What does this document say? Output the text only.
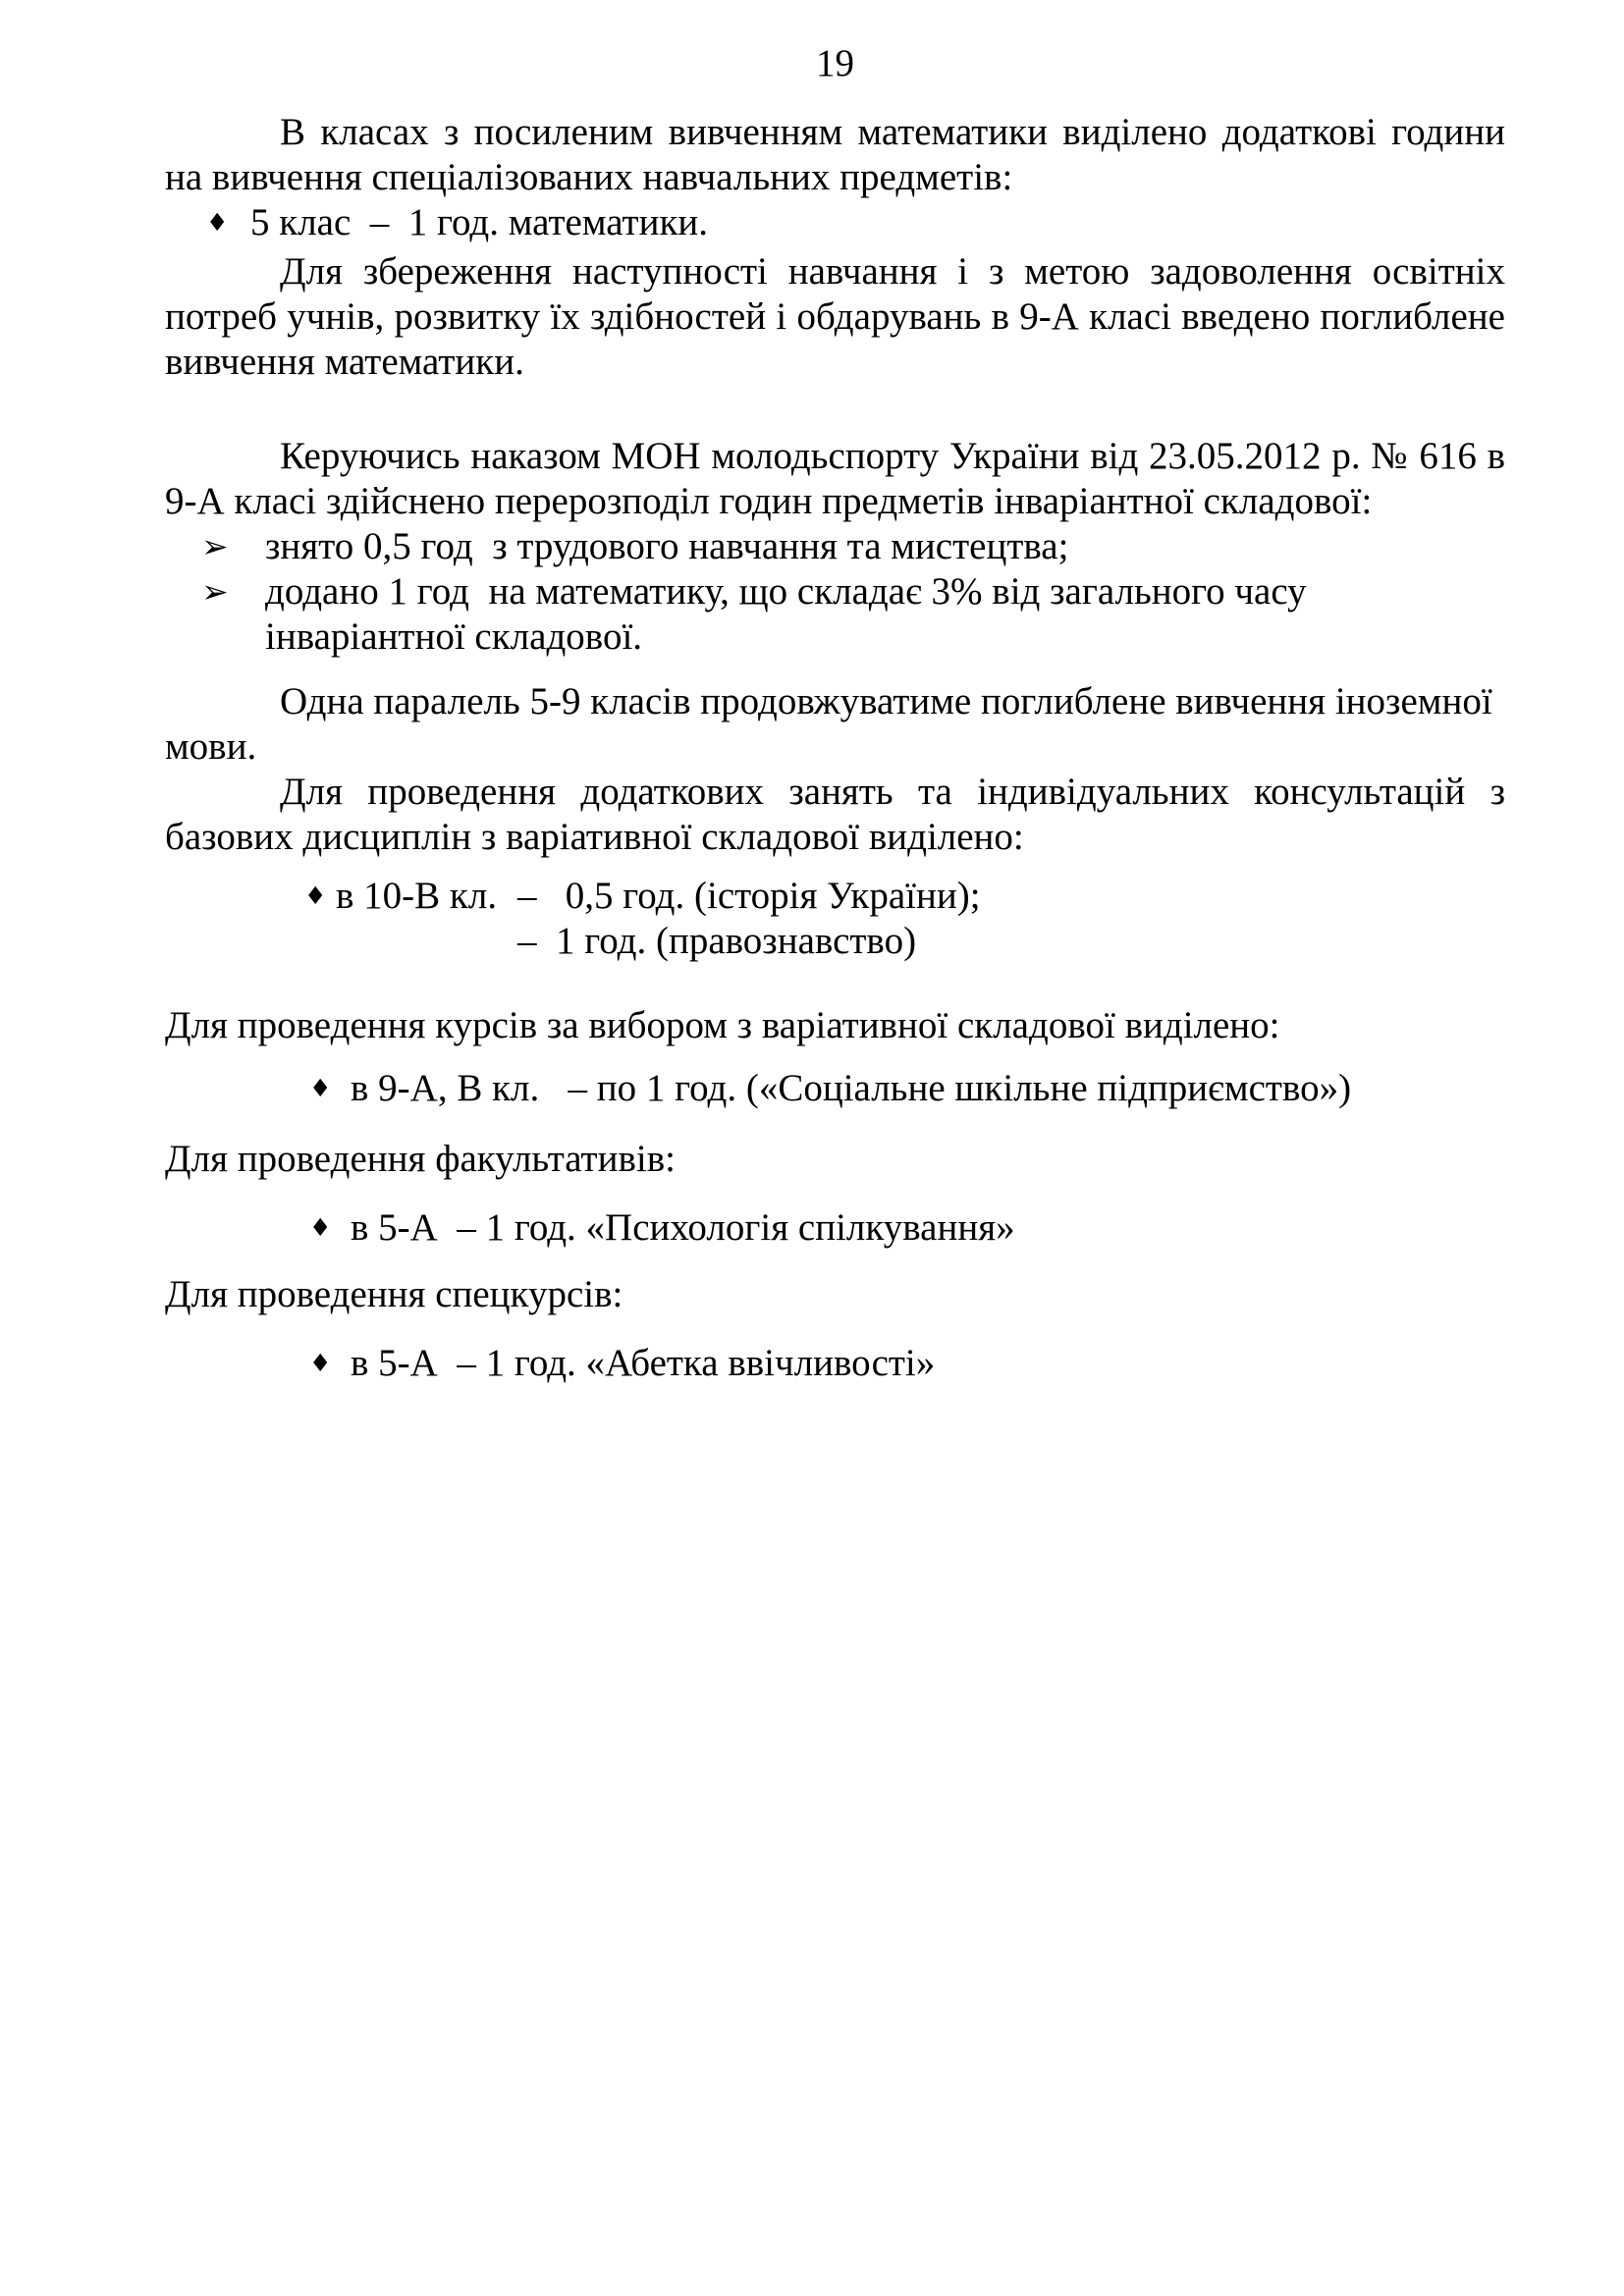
19

В класах з посиленим вивченням математики виділено додаткові години на вивчення спеціалізованих навчальних предметів:

♦ 5 клас  –  1 год. математики.

Для збереження наступності навчання і з метою задоволення освітніх потреб учнів, розвитку їх здібностей і обдарувань в 9-А класі введено поглиблене вивчення математики.

Керуючись наказом МОН молодьспорту України від 23.05.2012 р. № 616 в 9-А класі здійснено перерозподіл годин предметів інваріантної складової:

➢ знято 0,5 год  з трудового навчання та мистецтва;
➢ додано 1 год  на математику, що складає 3% від загального часу інваріантної складової.

Одна паралель 5-9 класів продовжуватиме поглиблене вивчення іноземної мови.

Для проведення додаткових занять та індивідуальних консультацій з базових дисциплін з варіативної складової виділено:

♦ в 10-В кл. –   0,5 год. (історія України);
–  1 год. (правознавство)

Для проведення курсів за вибором з варіативної складової виділено:

♦ в 9-А, В кл.   – по 1 год. («Соціальне шкільне підприємство»)

Для проведення факультативів:

♦ в 5-А  – 1 год. «Психологія спілкування»

Для проведення спецкурсів:

♦ в 5-А  – 1 год. «Абетка ввічливості»
